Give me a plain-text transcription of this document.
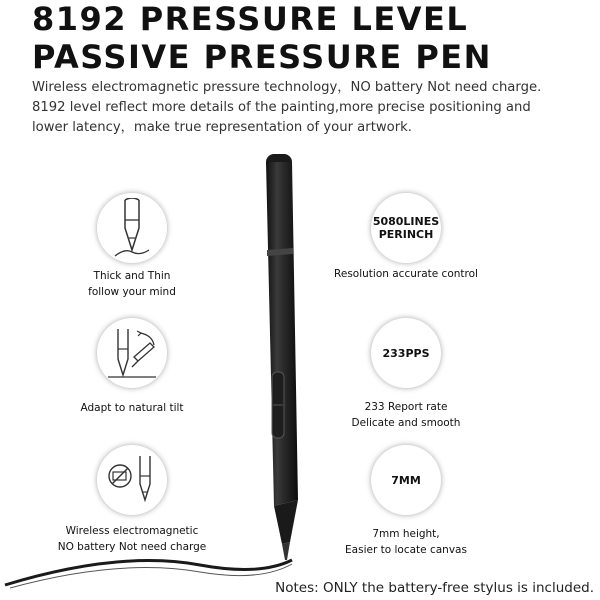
8192 PRESSURE LEVEL PASSIVE PRESSURE PEN
Wireless electromagnetic pressure technology，NO battery Not need charge.
8192 level reflect more details of the painting,more precise positioning and
lower latency，make true representation of your artwork.
Thick and Thin
follow your mind
Adapt to natural tilt
Wireless electromagnetic
NO battery Not need charge
5080LINES
PERINCH
Resolution accurate control
233PPS
233 Report rate
Delicate and smooth
7MM
7mm height,
Easier to locate canvas
Notes: ONLY the battery-free stylus is included.
